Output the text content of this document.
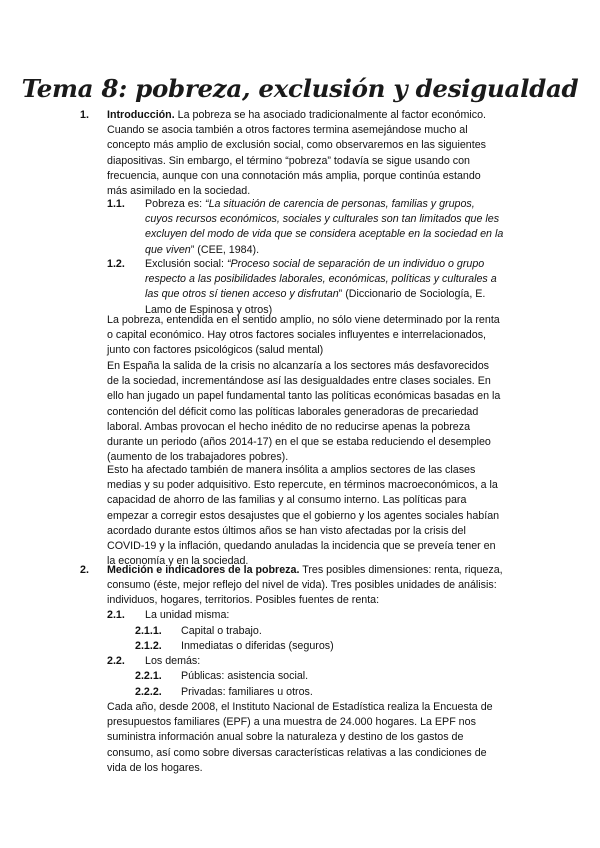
Tema 8: pobreza, exclusión y desigualdad
1. Introducción. La pobreza se ha asociado tradicionalmente al factor económico. Cuando se asocia también a otros factores termina asemejándose mucho al concepto más amplio de exclusión social, como observaremos en las siguientes diapositivas. Sin embargo, el término “pobreza” todavía se sigue usando con frecuencia, aunque con una connotación más amplia, porque continúa estando más asimilado en la sociedad.
1.1. Pobreza es: “La situación de carencia de personas, familias y grupos, cuyos recursos económicos, sociales y culturales son tan limitados que les excluyen del modo de vida que se considera aceptable en la sociedad en la que viven” (CEE, 1984).
1.2. Exclusión social: “Proceso social de separación de un individuo o grupo respecto a las posibilidades laborales, económicas, políticas y culturales a las que otros sí tienen acceso y disfrutan” (Diccionario de Sociología, E. Lamo de Espinosa y otros)
La pobreza, entendida en el sentido amplio, no sólo viene determinado por la renta o capital económico. Hay otros factores sociales influyentes e interrelacionados, junto con factores psicológicos (salud mental)
En España la salida de la crisis no alcanzaría a los sectores más desfavorecidos de la sociedad, incrementándose así las desigualdades entre clases sociales. En ello han jugado un papel fundamental tanto las políticas económicas basadas en la contención del déficit como las políticas laborales generadoras de precariedad laboral. Ambas provocan el hecho inédito de no reducirse apenas la pobreza durante un periodo (años 2014-17) en el que se estaba reduciendo el desempleo (aumento de los trabajadores pobres).
Esto ha afectado también de manera insólita a amplios sectores de las clases medias y su poder adquisitivo. Esto repercute, en términos macroeconómicos, a la capacidad de ahorro de las familias y al consumo interno. Las políticas para empezar a corregir estos desajustes que el gobierno y los agentes sociales habían acordado durante estos últimos años se han visto afectadas por la crisis del COVID-19 y la inflación, quedando anuladas la incidencia que se preveía tener en la economía y en la sociedad.
2. Medición e indicadores de la pobreza. Tres posibles dimensiones: renta, riqueza, consumo (éste, mejor reflejo del nivel de vida). Tres posibles unidades de análisis: individuos, hogares, territorios. Posibles fuentes de renta:
2.1. La unidad misma:
2.1.1. Capital o trabajo.
2.1.2. Inmediatas o diferidas (seguros)
2.2. Los demás:
2.2.1. Públicas: asistencia social.
2.2.2. Privadas: familiares u otros.
Cada año, desde 2008, el Instituto Nacional de Estadística realiza la Encuesta de presupuestos familiares (EPF) a una muestra de 24.000 hogares. La EPF nos suministra información anual sobre la naturaleza y destino de los gastos de consumo, así como sobre diversas características relativas a las condiciones de vida de los hogares.
